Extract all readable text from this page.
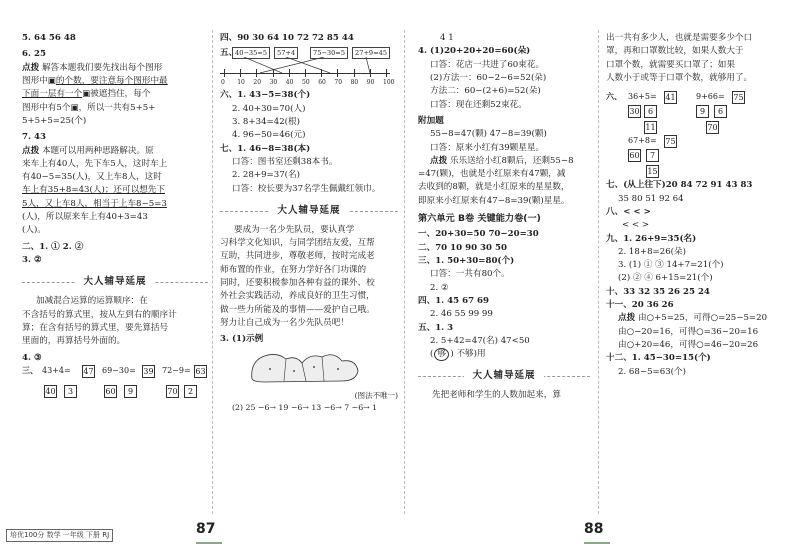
5. 64 56 48

6. 25

点拨 解答本题我们要先找出每个图形

图形中▣的个数，要注意每个图形中最

下面一层有一个▣被遮挡住，每个

图形中有5个▣，所以一共有5+5+

5+5+5=25(个)

7. 43

点拨 本题可以用两种思路解决。原

来车上有40人，先下车5人，这时车上

有40−5=35(人)，又上车8人，这时

车上有35+8=43(人)；还可以想先下

5人，又上车8人，相当于上车8−5=3

(人)，所以原来车上有40+3=43

(人)。

二、1. ① 2. ②

3. ②

大人辅导延展

加减混合运算的运算顺序：在

不含括号的算式里，按从左到右的顺序计

算；在含有括号的算式里，要先算括号

里面的，再算括号外面的。

4. ③

三、 43+4= 47
40	3
69−30= 39
60	9
72−9= 63
70	2

四、90 30 64 10 72 72 85 44

五、
40−35=5	57+4	75−30=5	27+9=45
0 10 20 30 40 50 60 70 80 90 100

六、1. 43−5=38(个)

2. 40+30=70(人)

3. 8+34=42(根)

4. 96−50=46(元)

七、1. 46−8=38(本)

口答：图书室还剩38本书。

2. 28+9=37(名)

口答：校长要为37名学生佩戴红领巾。

大人辅导延展

要成为一名少先队员，要认真学

习科学文化知识，与同学团结友爱，互帮

互助，共同进步，尊敬老师，按时完成老

师布置的作业，在努力学好各门功课的

同时，还要积极参加各种有益的课外、校

外社会实践活动，养成良好的卫生习惯，

做一些力所能及的事情——爱护自己哦。

努力让自己成为一名少先队员吧！

3. (1)示例

(图法不唯一)

(2) 25 −6→ 19 −6→ 13 −6→ 7 −6→ 1

4 1

4. (1)20+20+20=60(朵)

口答：花店一共进了60束花。

(2)方法一：60−2−6=52(朵)

方法二：60−(2+6)=52(朵)

口答：现在还剩52束花。

附加题

55−8=47(颗) 47−8=39(颗)

口答：原来小红有39颗星星。

点拨 乐乐送给小红8颗后，还剩55−8

=47(颗)，也就是小红原来有47颗，减

去收到的8颗，就是小红原来的星星数，

即原来小红原来有47−8=39(颗)星星。

第六单元 B卷 关键能力卷(一)

一、20+30=50 70−20=30

二、70 10 90 30 50

三、1. 50+30=80(个)

口答：一共有80个。

2. ②

四、1. 45 67 69

2. 46 55 99 99

五、1. 3

2. 5+42=47(名) 47<50

( 够 ) 不够)用

大人辅导延展

先把老师和学生的人数加起来，算

出一共有多少人，也就是需要多少个口

罩，再和口罩数比较，如果人数大于

口罩个数，就需要买口罩了；如果

人数小于或等于口罩个数，就够用了。

六、 36+5= 41
30	6
11
9+66= 75
9	6
70
67+8= 75
60	7
15

七、(从上往下)20 84 72 91 43 83

35 80 51 92 64

八、< < >

< < >

九、1. 26+9=35(名)

2. 18+8=26(朵)

3. (1) ① ③ 14+7=21(个)

(2) ② ④ 6+15=21(个)

十、33 32 35 26 25 24

十一、20 36 26

点拨 由○+5=25，可得○=25−5=20

由○−20=16，可得○=36−20=16

由○+20=46，可得○=46−20=26

十二、1. 45−30=15(个)

2. 68−5=63(个)

培优100分 数学 一年级 下册 RJ	87	88
